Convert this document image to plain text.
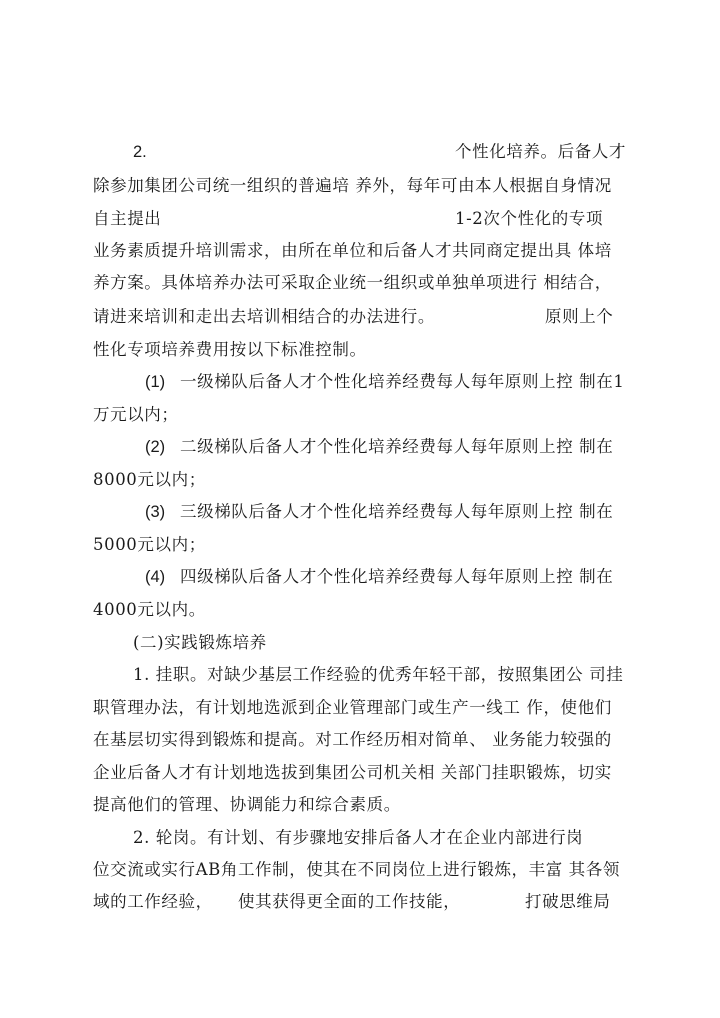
2.	个性化培养。后备人才
除参加集团公司统一组织的普遍培 养外，每年可由本人根据自身情况
自主提出	1-2次个性化的专项
业务素质提升培训需求，由所在单位和后备人才共同商定提出具 体培
养方案。具体培养办法可采取企业统一组织或单独单项进行 相结合，
请进来培训和走出去培训相结合的办法进行。	原则上个
性化专项培养费用按以下标准控制。
(1) 一级梯队后备人才个性化培养经费每人每年原则上控 制在1
万元以内；
(2) 二级梯队后备人才个性化培养经费每人每年原则上控 制在
8000元以内；
(3) 三级梯队后备人才个性化培养经费每人每年原则上控 制在
5000元以内；
(4) 四级梯队后备人才个性化培养经费每人每年原则上控 制在
4000元以内。
(二)实践锻炼培养
1. 挂职。对缺少基层工作经验的优秀年轻干部，按照集团公 司挂
职管理办法，有计划地选派到企业管理部门或生产一线工 作，使他们
在基层切实得到锻炼和提高。对工作经历相对简单、 业务能力较强的
企业后备人才有计划地选拔到集团公司机关相 关部门挂职锻炼，切实
提高他们的管理、协调能力和综合素质。
2. 轮岗。有计划、有步骤地安排后备人才在企业内部进行岗
位交流或实行AB角工作制，使其在不同岗位上进行锻炼，丰富 其各领
域的工作经验， 使其获得更全面的工作技能，	打破思维局
